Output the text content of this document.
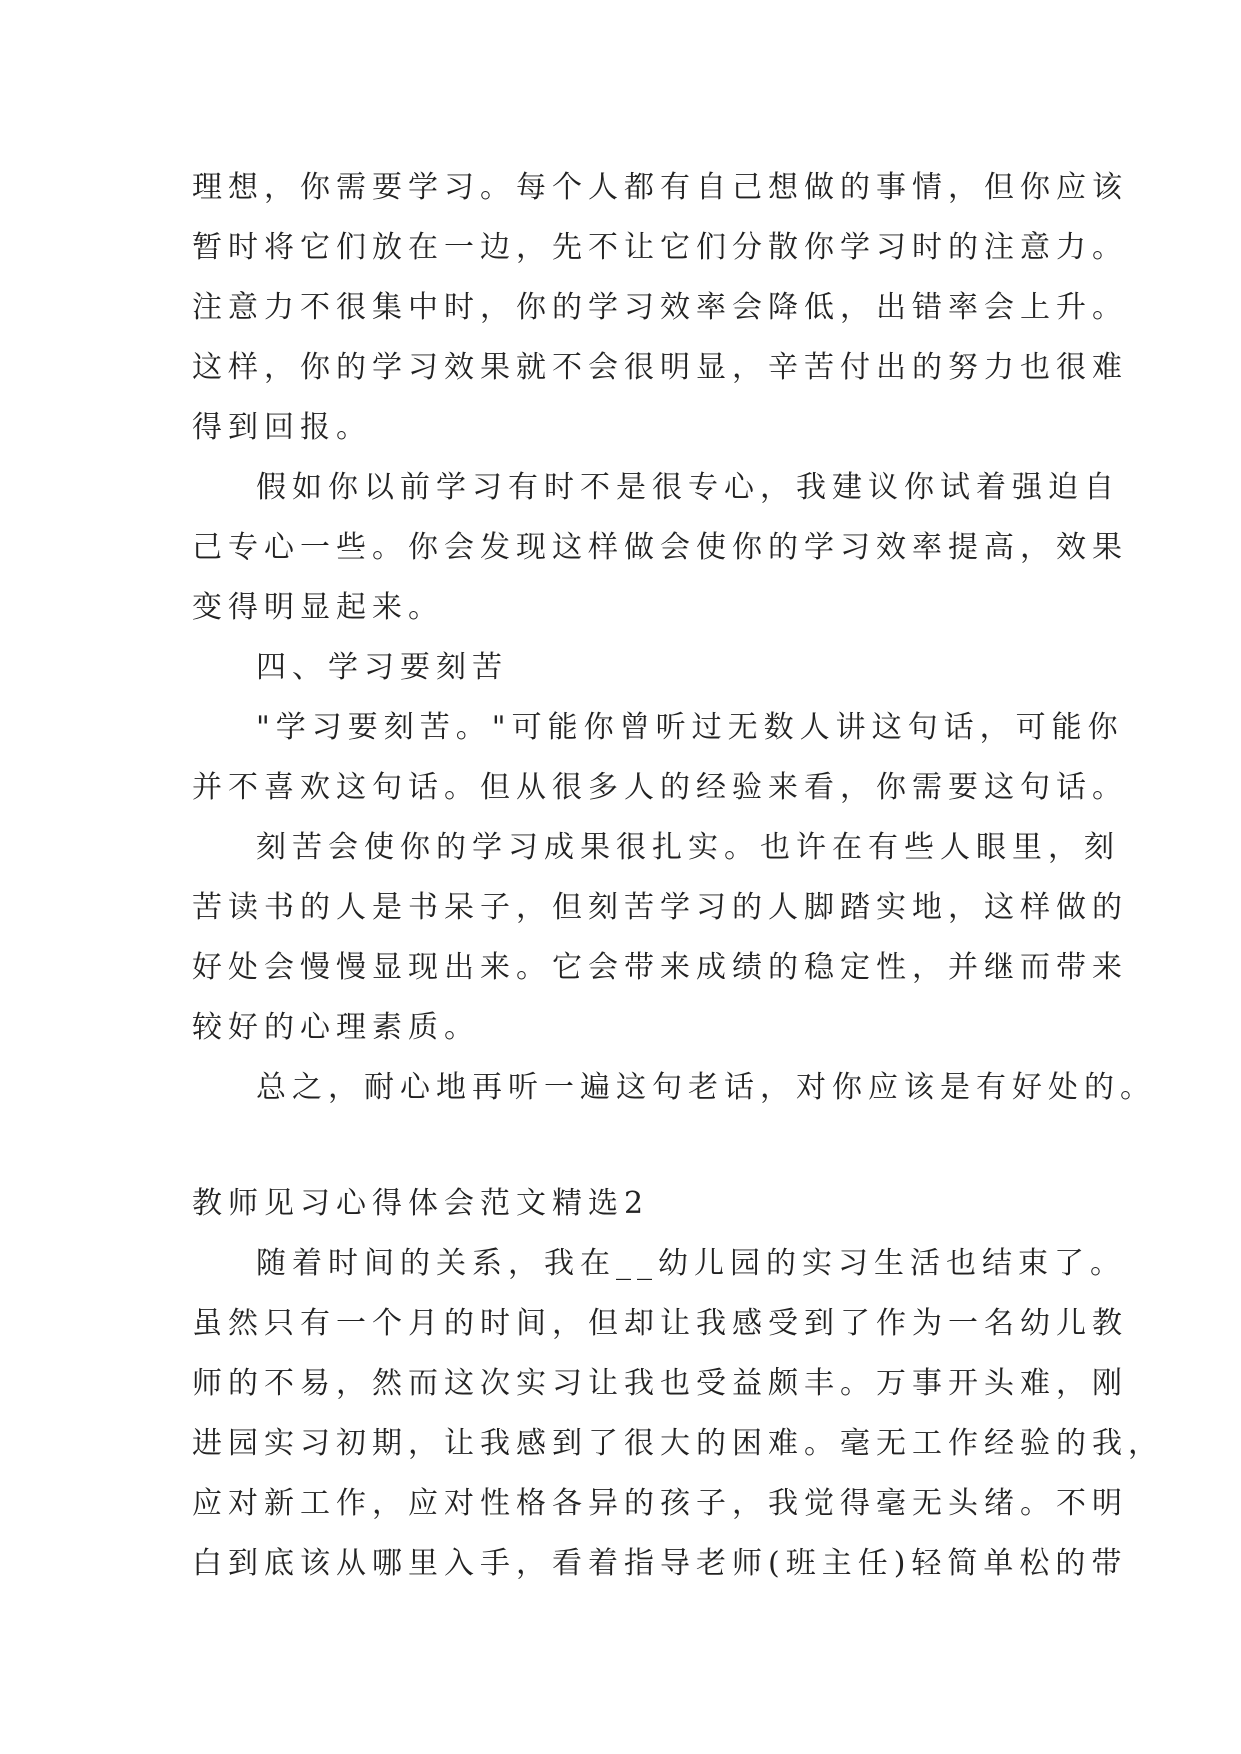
理想，你需要学习。每个人都有自己想做的事情，但你应该
暂时将它们放在一边，先不让它们分散你学习时的注意力。
注意力不很集中时，你的学习效率会降低，出错率会上升。
这样，你的学习效果就不会很明显，辛苦付出的努力也很难
得到回报。
假如你以前学习有时不是很专心，我建议你试着强迫自
己专心一些。你会发现这样做会使你的学习效率提高，效果
变得明显起来。
四、学习要刻苦
"学习要刻苦。"可能你曾听过无数人讲这句话，可能你
并不喜欢这句话。但从很多人的经验来看，你需要这句话。
刻苦会使你的学习成果很扎实。也许在有些人眼里，刻
苦读书的人是书呆子，但刻苦学习的人脚踏实地，这样做的
好处会慢慢显现出来。它会带来成绩的稳定性，并继而带来
较好的心理素质。
总之，耐心地再听一遍这句老话，对你应该是有好处的。
教师见习心得体会范文精选2
随着时间的关系，我在__幼儿园的实习生活也结束了。
虽然只有一个月的时间，但却让我感受到了作为一名幼儿教
师的不易，然而这次实习让我也受益颇丰。万事开头难，刚
进园实习初期，让我感到了很大的困难。毫无工作经验的我，
应对新工作，应对性格各异的孩子，我觉得毫无头绪。不明
白到底该从哪里入手，看着指导老师(班主任)轻简单松的带
